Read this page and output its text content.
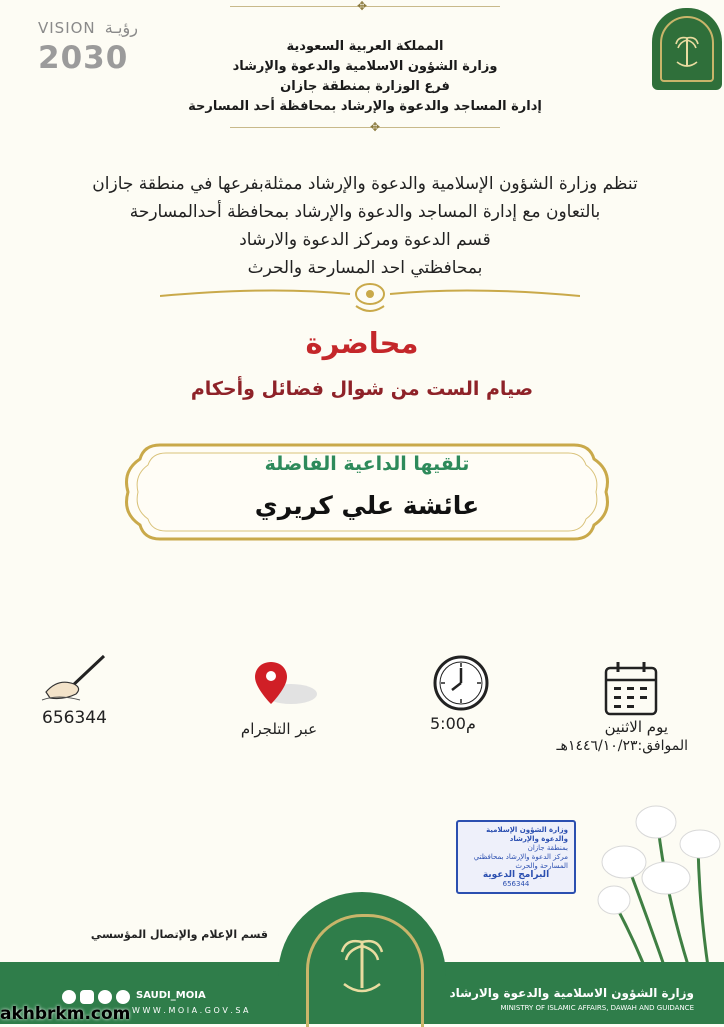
✥
VISION رؤيـة
2030	المملكة العربية السعودية
وزارة الشؤون الاسلامية والدعوة والإرشاد
فرع الوزارة بمنطقة جازان
إدارة المساجد والدعوة والإرشاد بمحافظة أحد المسارحة
✥
تنظم وزارة الشؤون الإسلامية والدعوة والإرشاد ممثلةبفرعها في منطقة جازان
بالتعاون مع إدارة المساجد والدعوة والإرشاد بمحافظة أحدالمسارحة
قسم الدعوة ومركز الدعوة والارشاد
بمحافظتي احد المسارحة والحرث
محاضرة
صيام الست من شوال فضائل وأحكام
تلقيها الداعية الفاضلة
عائشة علي كريري
يوم الاثنين
الموافق:١٤٤٦/١٠/٢٣هـ
5:00م
عبر التلجرام
656344
وزارة الشؤون الإسلامية والدعوة والإرشاد
بمنطقة جازان
مركز الدعوة والإرشاد بمحافظتي المسارحة والحرث
البرامج الدعوية
656344
قسم الإعلام والإتصال المؤسسي
SAUDI_MOIA
W W W . M O I A . G O V . S A
وزارة الشؤون الاسلامية والدعوة والارشاد
MINISTRY OF ISLAMIC AFFAIRS, DAWAH AND GUIDANCE
akhbrkm.com
